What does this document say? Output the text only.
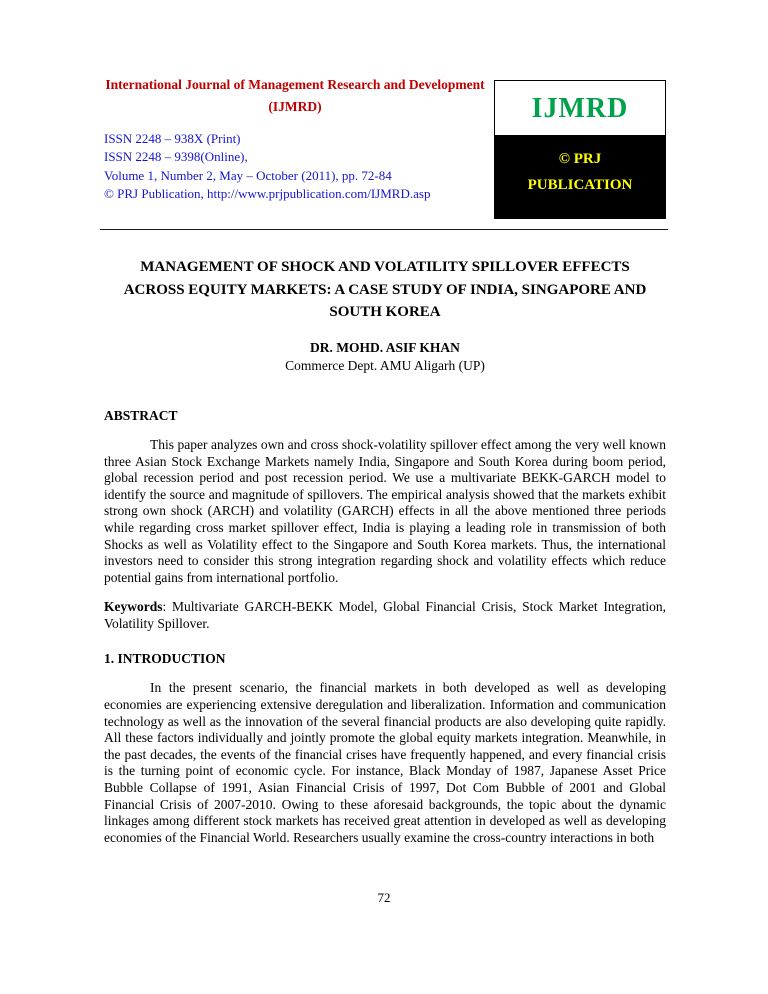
International Journal of Management Research and Development (IJMRD)
ISSN 2248 – 938X (Print)
ISSN 2248 – 9398(Online),
Volume 1, Number 2, May – October (2011), pp. 72-84
© PRJ Publication, http://www.prjpublication.com/IJMRD.asp
IJMRD
© PRJ PUBLICATION
MANAGEMENT OF SHOCK AND VOLATILITY SPILLOVER EFFECTS ACROSS EQUITY MARKETS: A CASE STUDY OF INDIA, SINGAPORE AND SOUTH KOREA
DR. MOHD. ASIF KHAN
Commerce Dept. AMU Aligarh (UP)
ABSTRACT

This paper analyzes own and cross shock-volatility spillover effect among the very well known three Asian Stock Exchange Markets namely India, Singapore and South Korea during boom period, global recession period and post recession period. We use a multivariate BEKK-GARCH model to identify the source and magnitude of spillovers. The empirical analysis showed that the markets exhibit strong own shock (ARCH) and volatility (GARCH) effects in all the above mentioned three periods while regarding cross market spillover effect, India is playing a leading role in transmission of both Shocks as well as Volatility effect to the Singapore and South Korea markets. Thus, the international investors need to consider this strong integration regarding shock and volatility effects which reduce potential gains from international portfolio.

Keywords: Multivariate GARCH-BEKK Model, Global Financial Crisis, Stock Market Integration, Volatility Spillover.

1. INTRODUCTION

In the present scenario, the financial markets in both developed as well as developing economies are experiencing extensive deregulation and liberalization. Information and communication technology as well as the innovation of the several financial products are also developing quite rapidly. All these factors individually and jointly promote the global equity markets integration. Meanwhile, in the past decades, the events of the financial crises have frequently happened, and every financial crisis is the turning point of economic cycle. For instance, Black Monday of 1987, Japanese Asset Price Bubble Collapse of 1991, Asian Financial Crisis of 1997, Dot Com Bubble of 2001 and Global Financial Crisis of 2007-2010. Owing to these aforesaid backgrounds, the topic about the dynamic linkages among different stock markets has received great attention in developed as well as developing economies of the Financial World. Researchers usually examine the cross-country interactions in both

72
